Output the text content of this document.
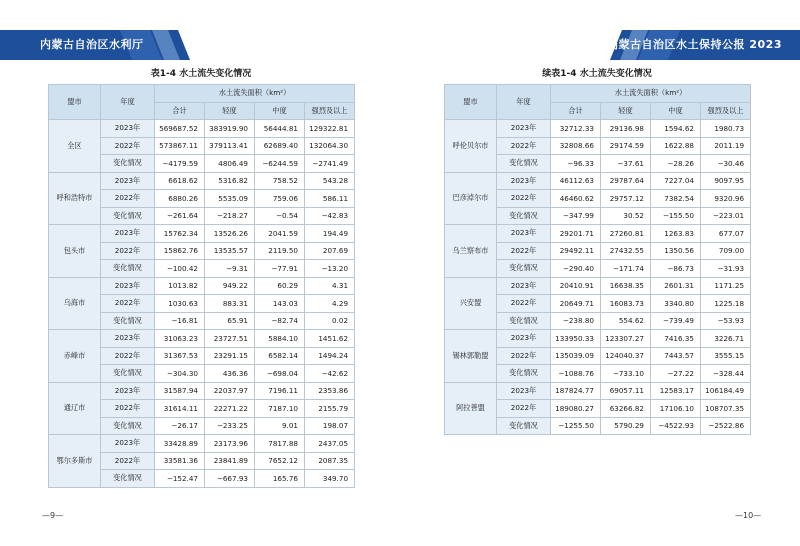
内蒙古自治区水利厅	内蒙古自治区水土保持公报 2023
表1-4 水土流失变化情况
盟市	年度	水土流失面积（km²）			
		合计	轻度	中度	强烈及以上
全区	2023年	569687.52	383919.90	56444.81	129322.81
	2022年	573867.11	379113.41	62689.40	132064.30
	变化情况	−4179.59	4806.49	−6244.59	−2741.49
呼和浩特市	2023年	6618.62	5316.82	758.52	543.28
	2022年	6880.26	5535.09	759.06	586.11
	变化情况	−261.64	−218.27	−0.54	−42.83
包头市	2023年	15762.34	13526.26	2041.59	194.49
	2022年	15862.76	13535.57	2119.50	207.69
	变化情况	−100.42	−9.31	−77.91	−13.20
乌海市	2023年	1013.82	949.22	60.29	4.31
	2022年	1030.63	883.31	143.03	4.29
	变化情况	−16.81	65.91	−82.74	0.02
赤峰市	2023年	31063.23	23727.51	5884.10	1451.62
	2022年	31367.53	23291.15	6582.14	1494.24
	变化情况	−304.30	436.36	−698.04	−42.62
通辽市	2023年	31587.94	22037.97	7196.11	2353.86
	2022年	31614.11	22271.22	7187.10	2155.79
	变化情况	−26.17	−233.25	9.01	198.07
鄂尔多斯市	2023年	33428.89	23173.96	7817.88	2437.05
	2022年	33581.36	23841.89	7652.12	2087.35
	变化情况	−152.47	−667.93	165.76	349.70
续表1-4 水土流失变化情况
盟市	年度	水土流失面积（km²）			
		合计	轻度	中度	强烈及以上
呼伦贝尔市	2023年	32712.33	29136.98	1594.62	1980.73
	2022年	32808.66	29174.59	1622.88	2011.19
	变化情况	−96.33	−37.61	−28.26	−30.46
巴彦淖尔市	2023年	46112.63	29787.64	7227.04	9097.95
	2022年	46460.62	29757.12	7382.54	9320.96
	变化情况	−347.99	30.52	−155.50	−223.01
乌兰察布市	2023年	29201.71	27260.81	1263.83	677.07
	2022年	29492.11	27432.55	1350.56	709.00
	变化情况	−290.40	−171.74	−86.73	−31.93
兴安盟	2023年	20410.91	16638.35	2601.31	1171.25
	2022年	20649.71	16083.73	3340.80	1225.18
	变化情况	−238.80	554.62	−739.49	−53.93
锡林郭勒盟	2023年	133950.33	123307.27	7416.35	3226.71
	2022年	135039.09	124040.37	7443.57	3555.15
	变化情况	−1088.76	−733.10	−27.22	−328.44
阿拉善盟	2023年	187824.77	69057.11	12583.17	106184.49
	2022年	189080.27	63266.82	17106.10	108707.35
	变化情况	−1255.50	5790.29	−4522.93	−2522.86
—9—	—10—
